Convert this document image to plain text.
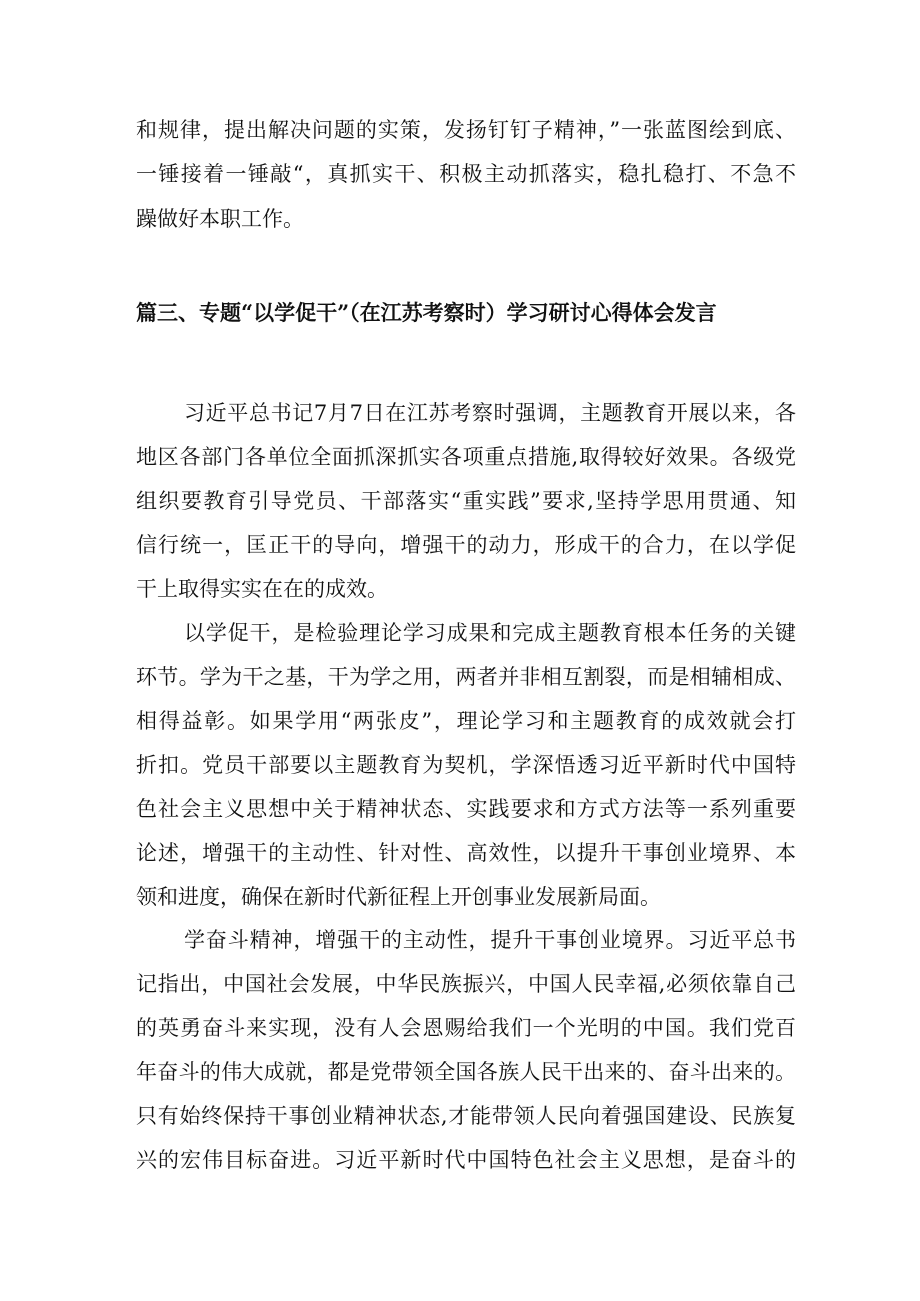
和规律，提出解决问题的实策，发扬钉钉子精神，”一张蓝图绘到底、
一锤接着一锤敲“，真抓实干、积极主动抓落实，稳扎稳打、不急不
躁做好本职工作。
篇三、专题“以学促干”（在江苏考察时）学习研讨心得体会发言
习近平总书记7月7日在江苏考察时强调，主题教育开展以来，各
地区各部门各单位全面抓深抓实各项重点措施,取得较好效果。各级党
组织要教育引导党员、干部落实“重实践”要求,坚持学思用贯通、知
信行统一，匡正干的导向，增强干的动力，形成干的合力，在以学促
干上取得实实在在的成效。
以学促干，是检验理论学习成果和完成主题教育根本任务的关键
环节。学为干之基，干为学之用，两者并非相互割裂，而是相辅相成、
相得益彰。如果学用“两张皮”，理论学习和主题教育的成效就会打
折扣。党员干部要以主题教育为契机，学深悟透习近平新时代中国特
色社会主义思想中关于精神状态、实践要求和方式方法等一系列重要
论述，增强干的主动性、针对性、高效性，以提升干事创业境界、本
领和进度，确保在新时代新征程上开创事业发展新局面。
学奋斗精神，增强干的主动性，提升干事创业境界。习近平总书
记指出，中国社会发展，中华民族振兴，中国人民幸福,必须依靠自己
的英勇奋斗来实现，没有人会恩赐给我们一个光明的中国。我们党百
年奋斗的伟大成就，都是党带领全国各族人民干出来的、奋斗出来的。
只有始终保持干事创业精神状态,才能带领人民向着强国建设、民族复
兴的宏伟目标奋进。习近平新时代中国特色社会主义思想，是奋斗的
